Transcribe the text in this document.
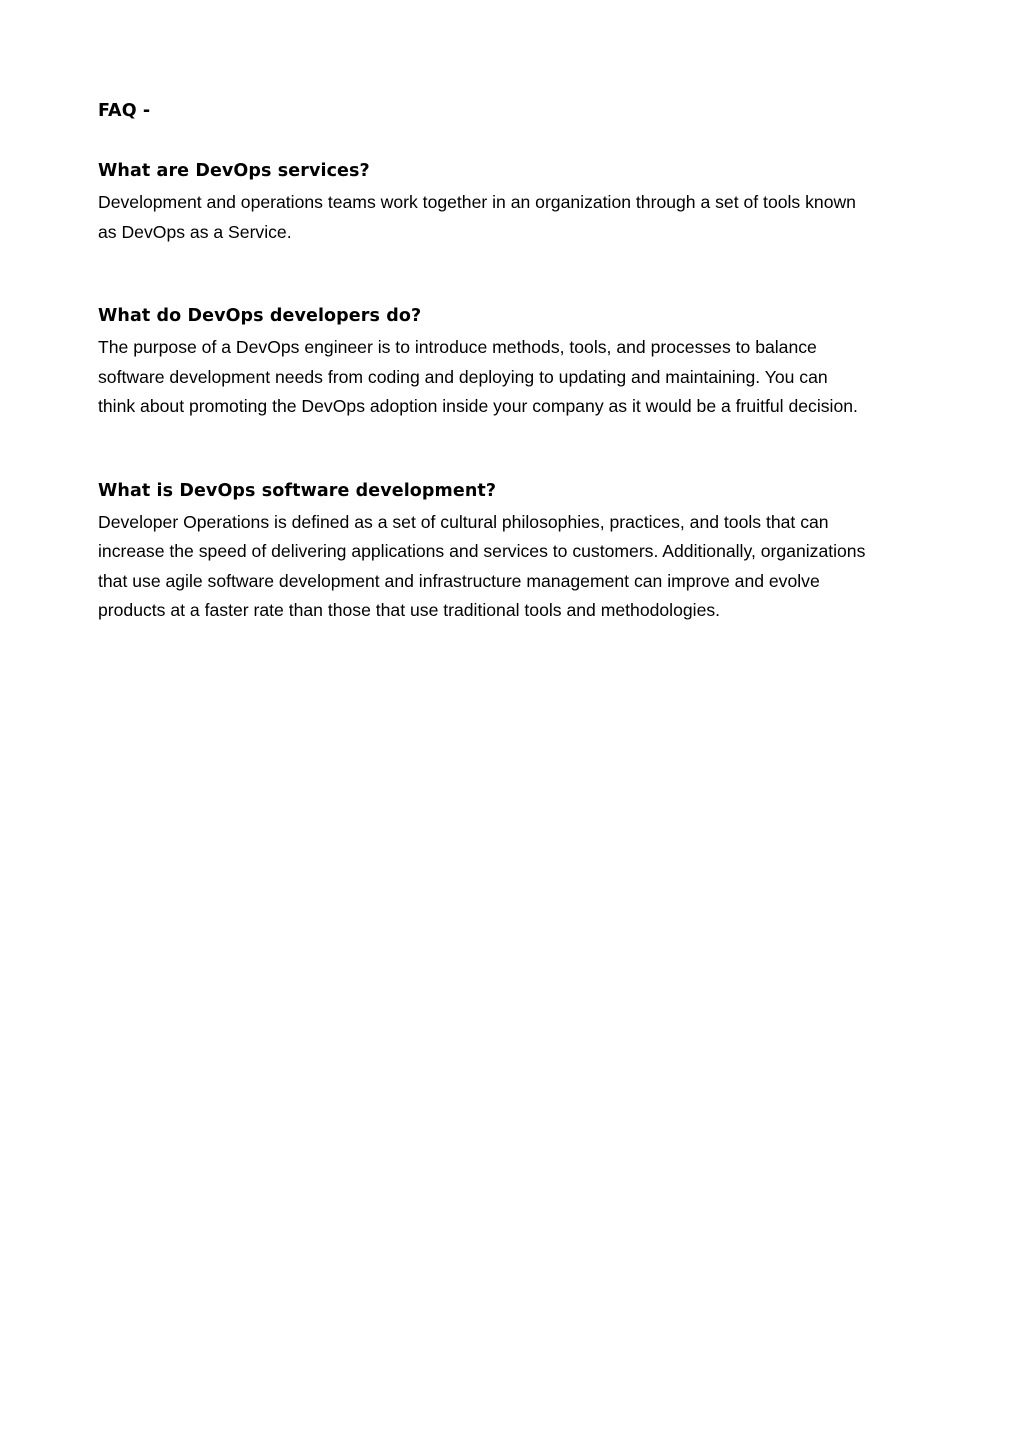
FAQ -
What are DevOps services?

Development and operations teams work together in an organization through a set of tools known
as DevOps as a Service.

What do DevOps developers do?

The purpose of a DevOps engineer is to introduce methods, tools, and processes to balance
software development needs from coding and deploying to updating and maintaining. You can
think about promoting the DevOps adoption inside your company as it would be a fruitful decision.

What is DevOps software development?

Developer Operations is defined as a set of cultural philosophies, practices, and tools that can
increase the speed of delivering applications and services to customers. Additionally, organizations
that use agile software development and infrastructure management can improve and evolve
products at a faster rate than those that use traditional tools and methodologies.
